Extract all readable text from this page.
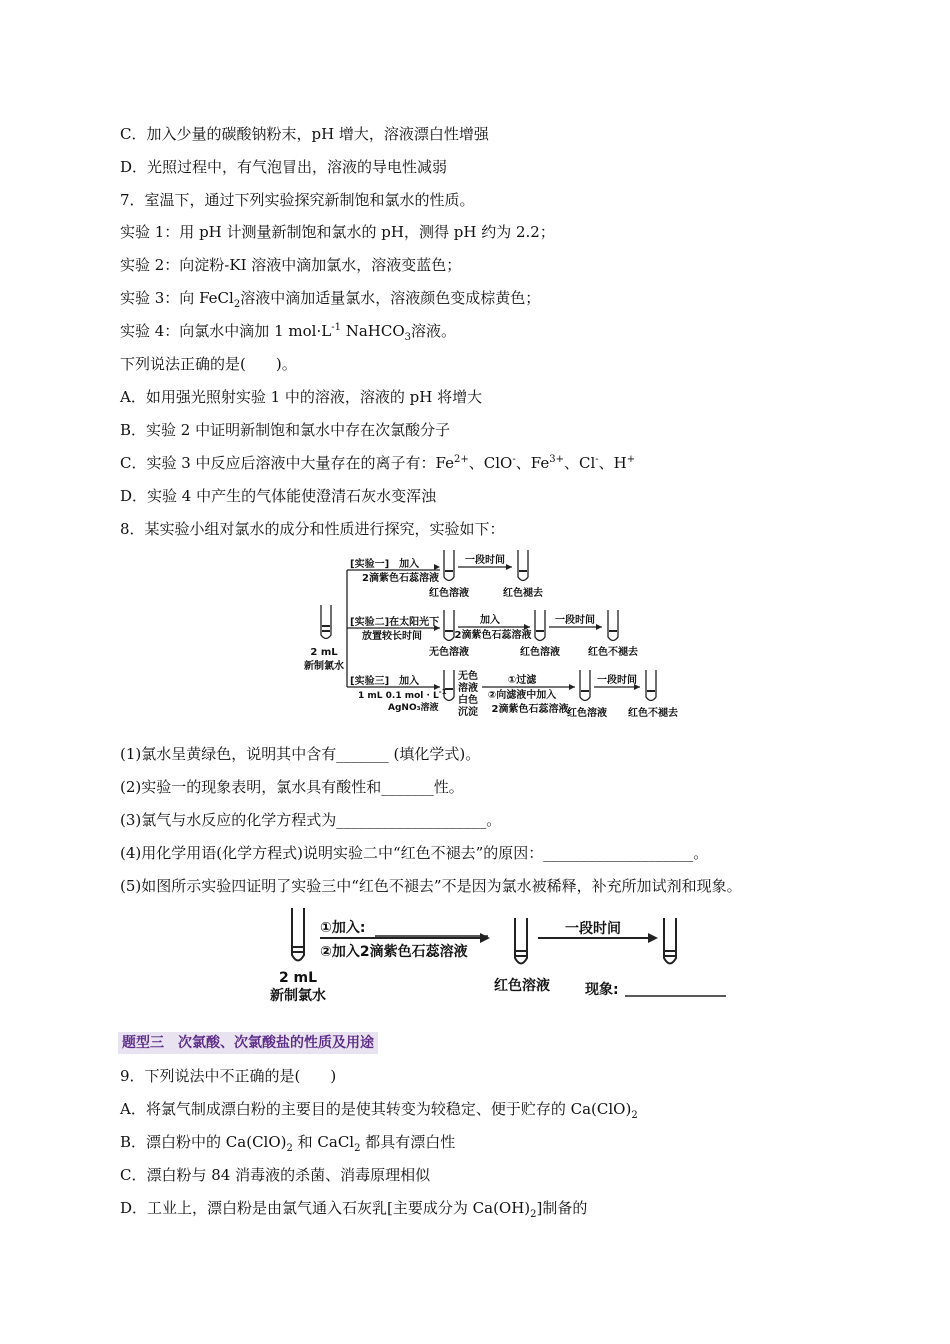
C．加入少量的碳酸钠粉末，pH 增大，溶液漂白性增强
D．光照过程中，有气泡冒出，溶液的导电性减弱
7．室温下，通过下列实验探究新制饱和氯水的性质。
实验 1：用 pH 计测量新制饱和氯水的 pH，测得 pH 约为 2.2；
实验 2：向淀粉-KI 溶液中滴加氯水，溶液变蓝色；
实验 3：向 FeCl$_2$溶液中滴加适量氯水，溶液颜色变成棕黄色；
实验 4：向氯水中滴加 1 $mol\cdot L^{-1}$ NaHCO$_3$溶液。
下列说法正确的是(　　)。
A．如用强光照射实验 1 中的溶液，溶液的 pH 将增大
B．实验 2 中证明新制饱和氯水中存在次氯酸分子
C．实验 3 中反应后溶液中大量存在的离子有：$Fe^{2+}$、ClO-、$Fe^{3+}$、Cl-、H+
D．实验 4 中产生的气体能使澄清石灰水变浑浊
8．某实验小组对氯水的成分和性质进行探究，实验如下：
2 mL
新制氯水
[实验一]　加入
2滴紫色石蕊溶液
红色溶液
一段时间
红色褪去
[实验二]在太阳光下
放置较长时间
无色溶液
加入
2滴紫色石蕊溶液
红色溶液
一段时间
红色不褪去
[实验三]　加入
1 mL 0.1 mol · $L^{-1}$
AgNO₃溶液
无色
溶液
白色
沉淀
①过滤
②向滤液中加入
2滴紫色石蕊溶液
一段时间
红色溶液 红色不褪去
(1)氯水呈黄绿色，说明其中含有_______ (填化学式)。
(2)实验一的现象表明，氯水具有酸性和_______性。
(3)氯气与水反应的化学方程式为____________________。
(4)用化学用语(化学方程式)说明实验二中“红色不褪去”的原因：____________________。
(5)如图所示实验四证明了实验三中“红色不褪去”不是因为氯水被稀释，补充所加试剂和现象。
①加入:
②加入2滴紫色石蕊溶液
2 mL
新制氯水
红色溶液
一段时间
现象:
题型三　次氯酸、次氯酸盐的性质及用途
9．下列说法中不正确的是(　　)
A．将氯气制成漂白粉的主要目的是使其转变为较稳定、便于贮存的 $Ca(ClO)_2$
B．漂白粉中的 $Ca(ClO)_2$ 和 CaCl$_2$ 都具有漂白性
C．漂白粉与 84 消毒液的杀菌、消毒原理相似
D．工业上，漂白粉是由氯气通入石灰乳[主要成分为 $Ca(OH)_2$]制备的
